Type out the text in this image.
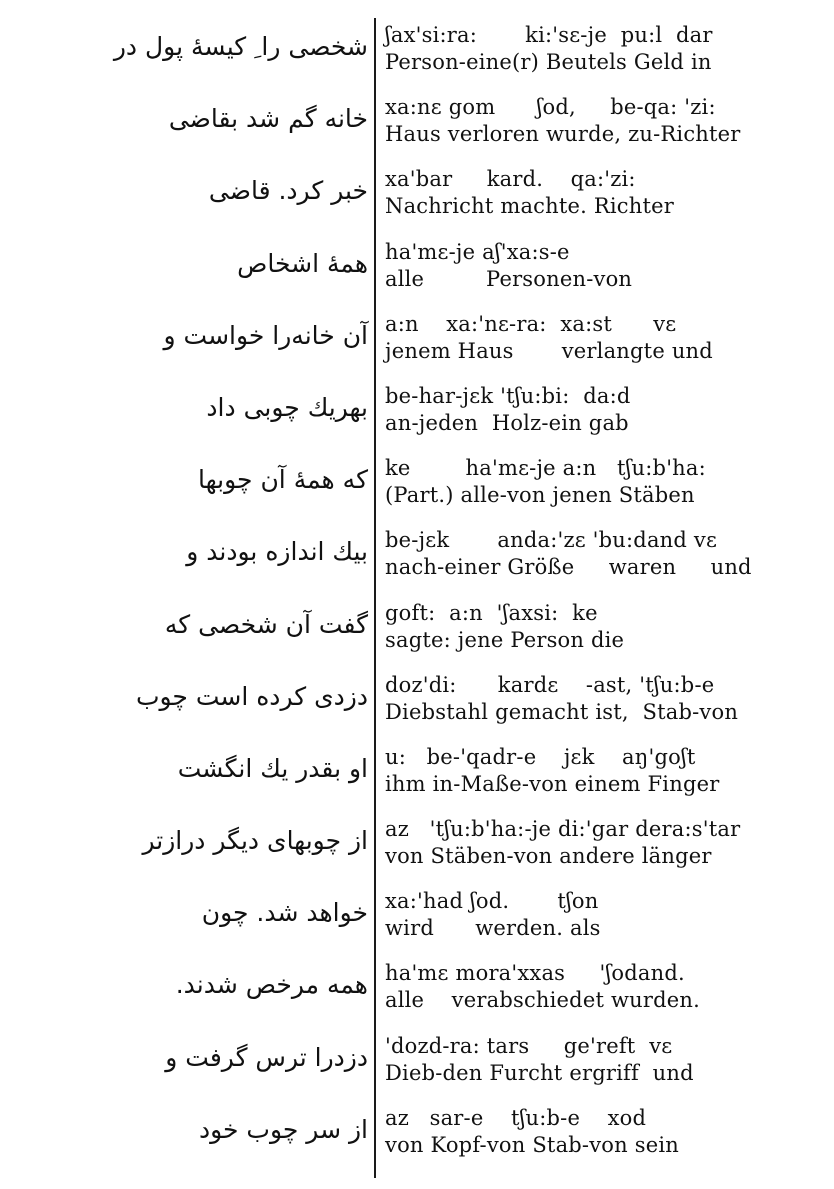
شخصی را ِ کیسهٔ پول در ʃax'si:ra:       ki:'sɛ-je  pu:l  dar
Person-eine(r) Beutels Geld in
خانه گم شد بقاضی xa:nɛ gom      ʃod,     be-qa: 'zi:
Haus verloren wurde, zu-Richter
خبر کرد. قاضی xa'bar     kard.    qa:'zi:
Nachricht machte. Richter
همهٔ اشخاص ha'mɛ-je aʃ'xa:s-e
alle         Personen-von
آن خانه‌را خواست و a:n    xa:'nɛ-ra:  xa:st      vɛ
jenem Haus       verlangte und
بهریك چوبی داد be-har-jɛk 'tʃu:bi:  da:d
an-jeden  Holz-ein gab
که همهٔ آن چوبها ke        ha'mɛ-je a:n   tʃu:b'ha:
(Part.) alle-von jenen Stäben
بیك اندازه بودند و be-jɛk       anda:'zɛ 'bu:dand vɛ
nach-einer Größe     waren     und
گفت آن شخصی که goft:  a:n  'ʃaxsi:  ke
sagte: jene Person die
دزدی کرده است چوب doz'di:      kardɛ    -ast, 'tʃu:b-e
Diebstahl gemacht ist,  Stab-von
او بقدر یك انگشت u:   be-'qadr-e    jɛk    aŋ'goʃt
ihm in-Maße-von einem Finger
از چوبهای دیگر درازتر az   'tʃu:b'ha:-je di:'gar dera:s'tar
von Stäben-von andere länger
خواهد شد. چون xa:'had ʃod.       tʃon
wird      werden. als
همه مرخص شدند. ha'mɛ mora'xxas     'ʃodand.
alle    verabschiedet wurden.
دزدرا ترس گرفت و 'dozd-ra: tars     ge'reft  vɛ
Dieb-den Furcht ergriff  und
از سر چوب خود az   sar-e    tʃu:b-e    xod
von Kopf-von Stab-von sein
